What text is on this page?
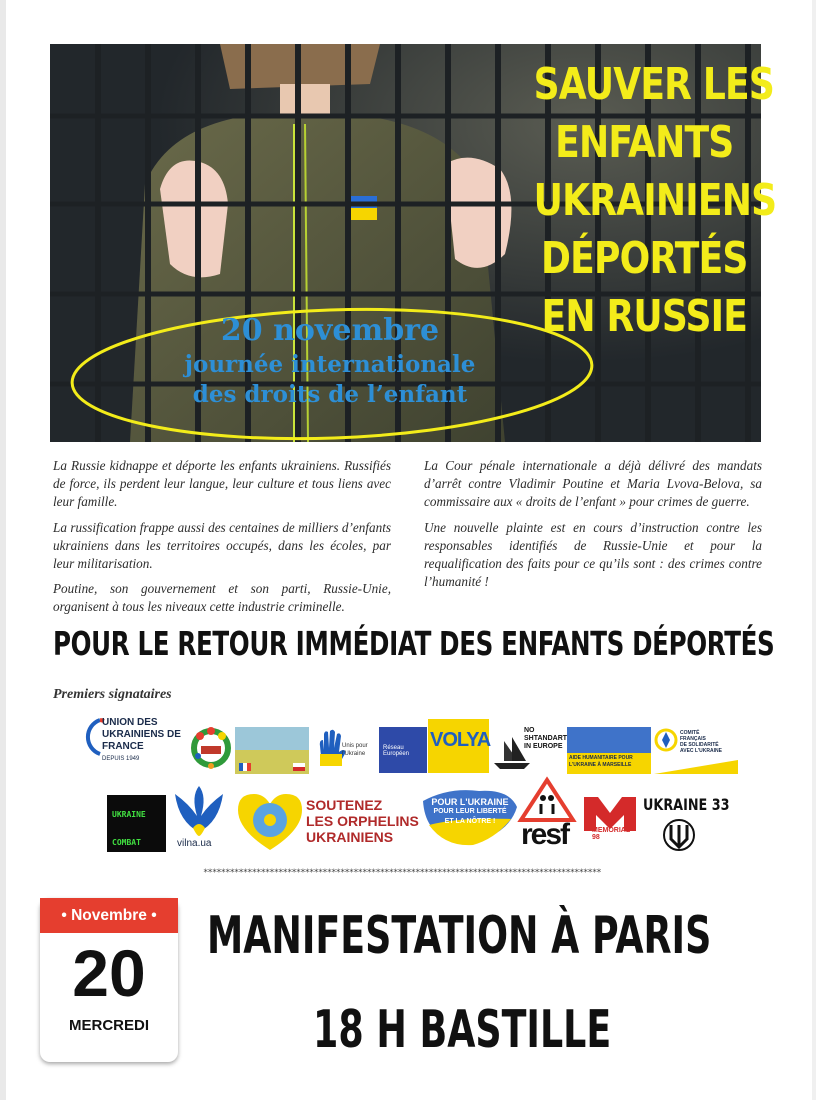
SAUVER LES
ENFANTS
UKRAINIENS
DÉPORTÉS
EN RUSSIE
20 novembre
journée internationale
des droits de l’enfant

La Russie kidnappe et déporte les enfants ukrainiens. Russifiés de force, ils perdent leur langue, leur culture et tous liens avec leur famille.

La russification frappe aussi des centaines de milliers d’enfants ukrainiens dans les territoires occupés, dans les écoles, par leur militarisation.

Poutine, son gouvernement et son parti, Russie-Unie, organisent à tous les niveaux cette industrie criminelle.

La Cour pénale internationale a déjà délivré des mandats d’arrêt contre Vladimir Poutine et Maria Lvova-Belova, sa commissaire aux « droits de l’enfant » pour crimes de guerre.

Une nouvelle plainte est en cours d’instruction contre les responsables identifiés de Russie-Unie et pour la requalification des faits pour ce qu’ils sont : des crimes contre l’humanité !

POUR LE RETOUR IMMÉDIAT DES ENFANTS DÉPORTÉS
Premiers signataires
UNION DES
UKRAINIENS DE
FRANCE
DEPUIS 1949
Unis pour l'Ukraine
Réseau Européen
VOLYA	NO
SHTANDART
IN EUROPE
AIDE HUMANITAIRE POUR
L'UKRAINE À MARSEILLE
COMITÉ
FRANÇAIS
DE SOLIDARITÉ
AVEC L'UKRAINE
UKRAINE
COMBAT	vilna.ua
SOUTENEZ
LES ORPHELINS
UKRAINIENS
POUR L'UKRAINE
POUR LEUR LIBERTÉ
ET LA NÔTRE ! resf	MEMORIAL 98
UKRAINE 33
******************************************************************************************
• Novembre •
20
MERCREDI
MANIFESTATION À PARIS
18 H BASTILLE
